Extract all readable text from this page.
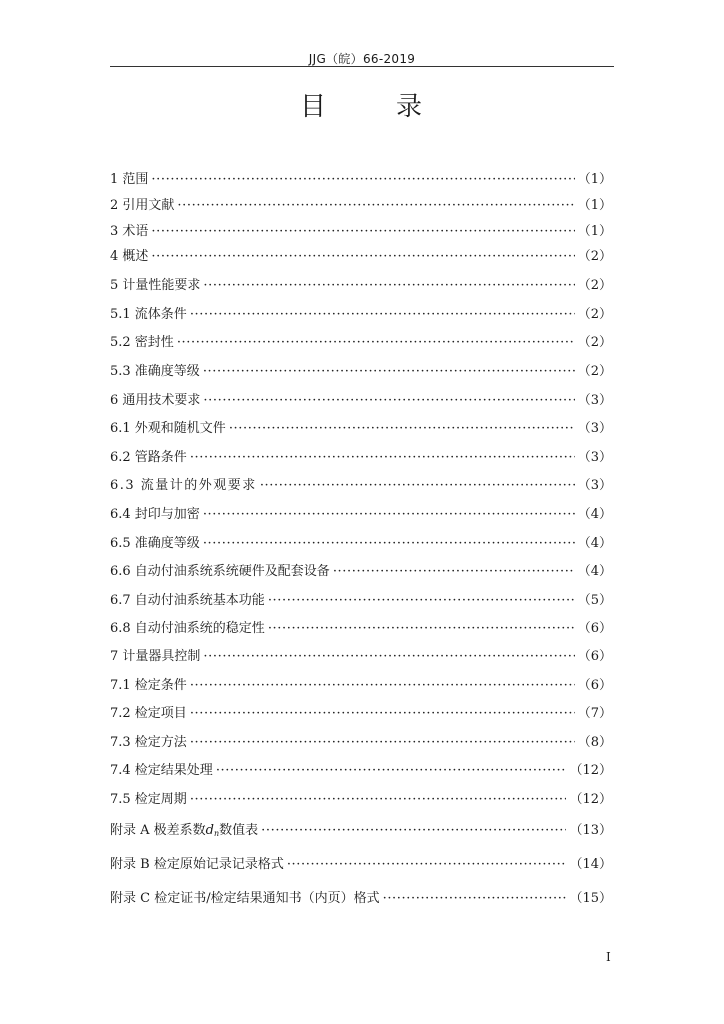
JJG（皖）66-2019
目	录
1 范围 ·····	（1）
2 引用文献 ·····	（1）
3 术语 ·····	（1）
4 概述 ·····	（2）
5 计量性能要求 ·····	（2）
5.1 流体条件 ·····	（2）
5.2 密封性 ·····	（2）
5.3 准确度等级 ·····	（2）
6 通用技术要求 ·····	（3）
6.1 外观和随机文件 ·····	（3）
6.2 管路条件 ·····	（3）
6.3 流量计的外观要求 ·····	（3）
6.4 封印与加密 ·····	（4）
6.5 准确度等级 ·····	（4）
6.6 自动付油系统系统硬件及配套设备 ·····	（4）
6.7 自动付油系统基本功能 ·····	（5）
6.8 自动付油系统的稳定性 ·····	（6）
7 计量器具控制 ·····	（6）
7.1 检定条件 ·····	（6）
7.2 检定项目 ·····	（7）
7.3 检定方法 ·····	（8）
7.4 检定结果处理 ·····	（12）
7.5 检定周期 ·····	（12）
附录 A 极差系数$d_n$数值表 ·····	（13）
附录 B 检定原始记录记录格式 ·····	（14）
附录 C 检定证书/检定结果通知书（内页）格式 ·····	（15）
I
